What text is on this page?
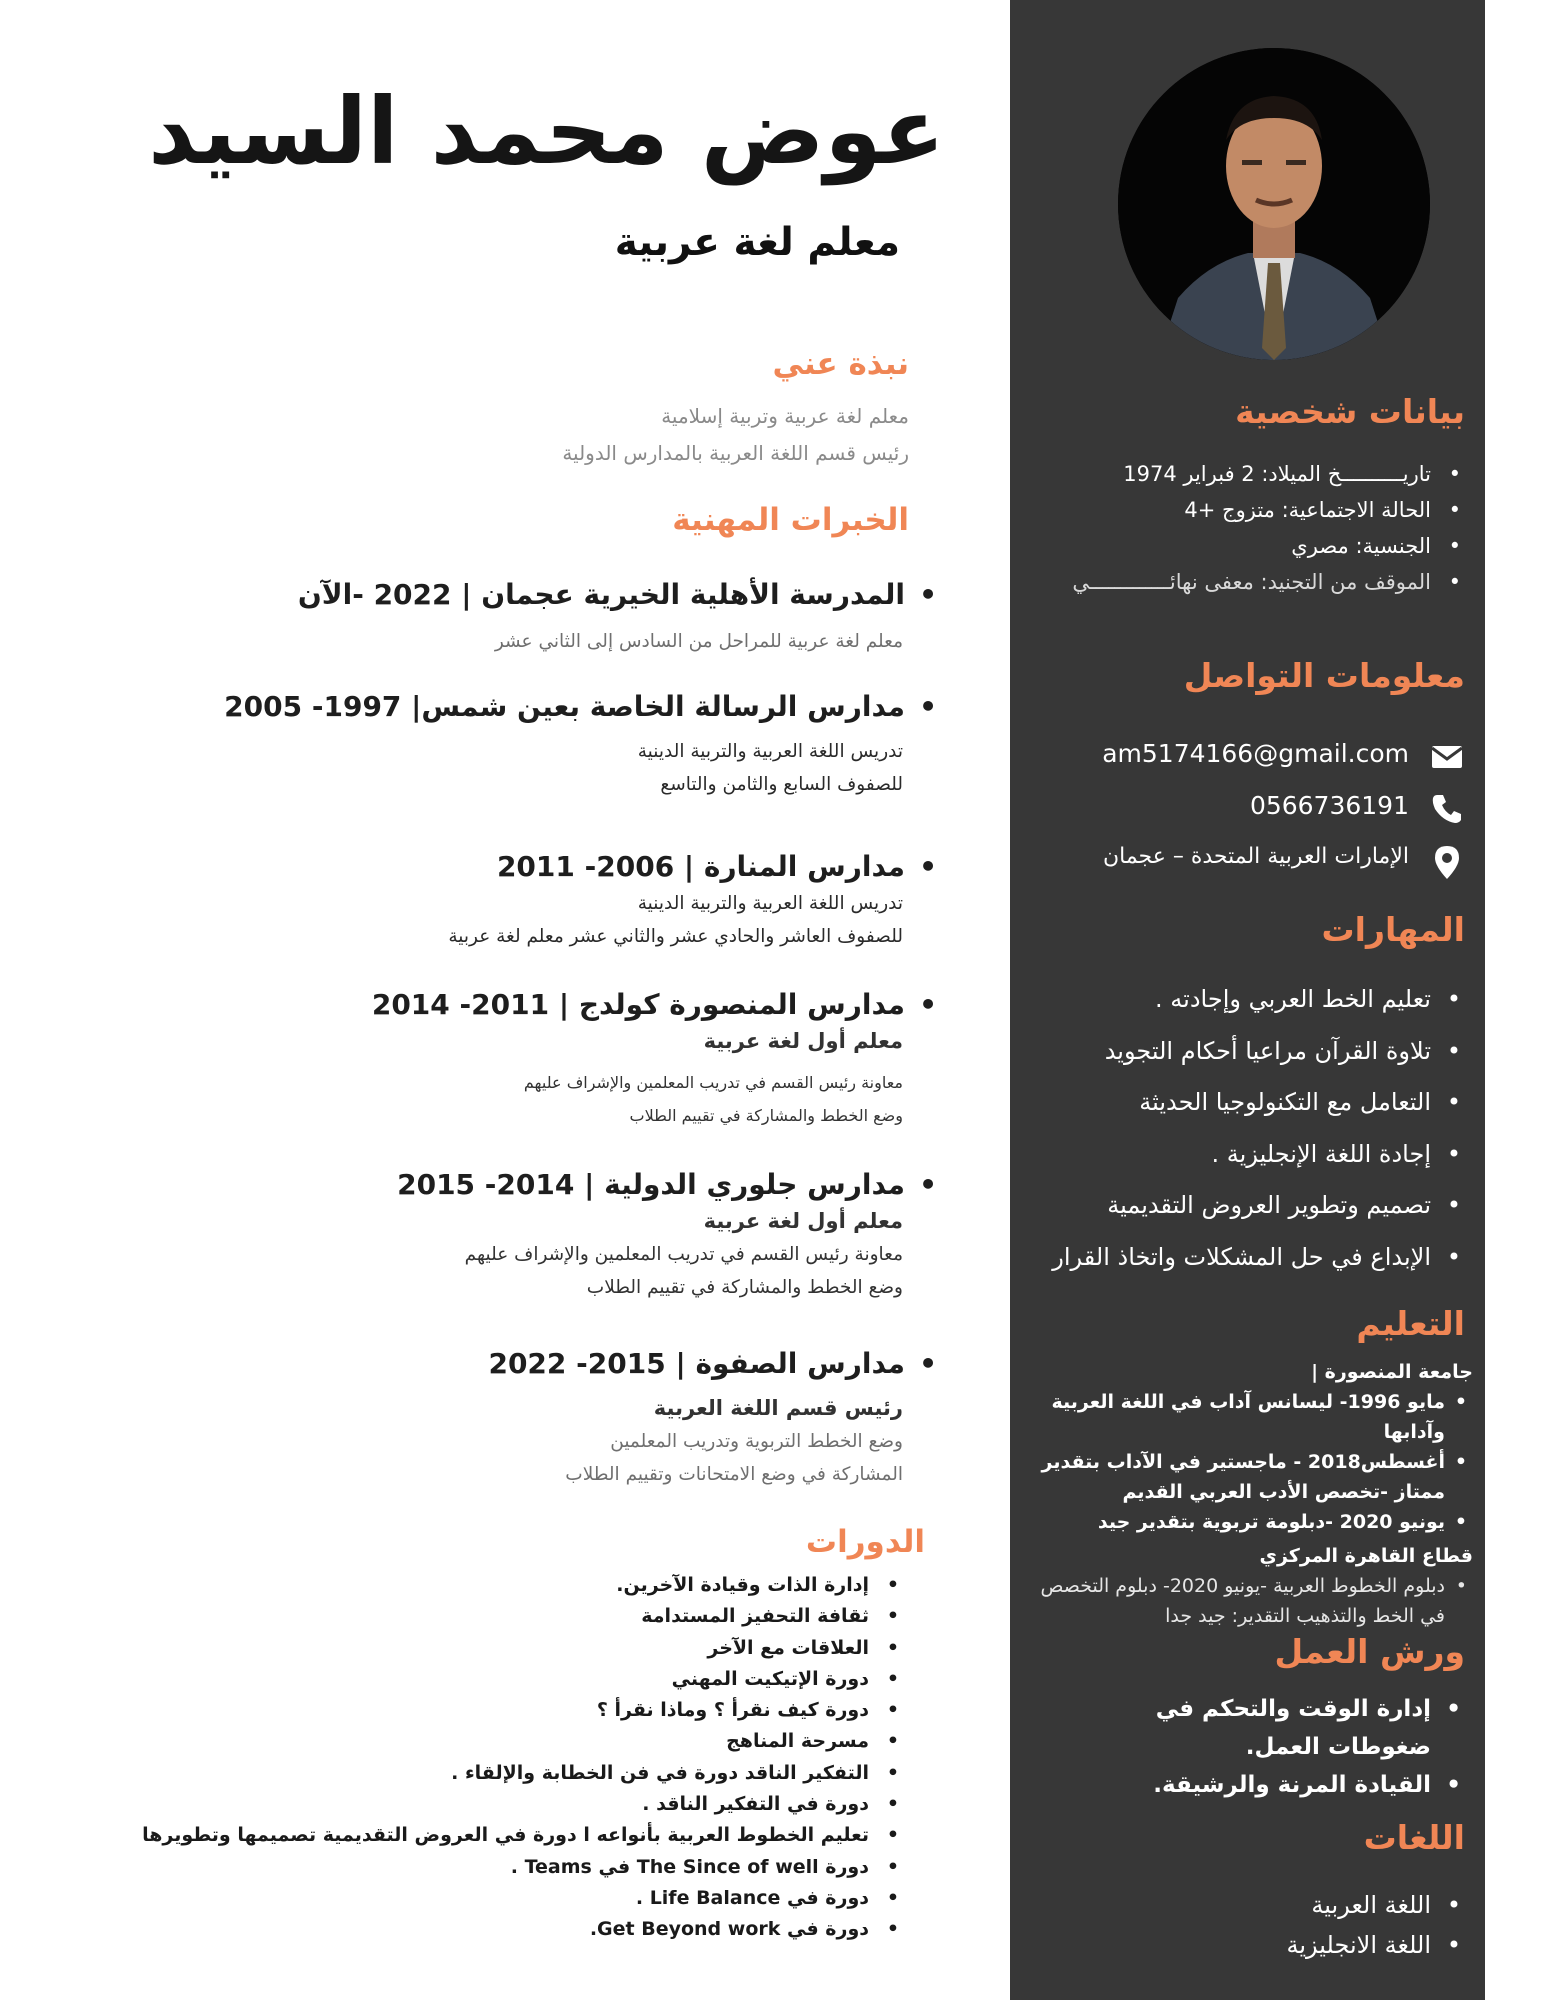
بيانات شخصية
• تاريــــــــــخ الميلاد: 2 فبراير 1974
• الحالة الاجتماعية: متزوج +4
• الجنسية: مصري
• الموقف من التجنيد: معفى نهائـــــــــــــي
معلومات التواصل
am5174166@gmail.com
0566736191
الإمارات العربية المتحدة – عجمان
المهارات
• تعليم الخط العربي وإجادته .
• تلاوة القرآن مراعيا أحكام التجويد
• التعامل مع التكنولوجيا الحديثة
• إجادة اللغة الإنجليزية .
• تصميم وتطوير العروض التقديمية
• الإبداع في حل المشكلات واتخاذ القرار
التعليم
جامعة المنصورة |
• مايو 1996- ليسانس آداب في اللغة العربية وآدابها
• أغسطس2018 - ماجستير في الآداب بتقدير ممتاز -تخصص الأدب العربي القديم
• يونيو 2020 -دبلومة تربوية بتقدير جيد
قطاع القاهرة المركزي
• دبلوم الخطوط العربية -يونيو 2020- دبلوم التخصص في الخط والتذهيب التقدير: جيد جدا
ورش العمل
• إدارة الوقت والتحكم في ضغوطات العمل.
• القيادة المرنة والرشيقة.
اللغات
• اللغة العربية
• اللغة الانجليزية
عوض محمد السيد
معلم لغة عربية
نبذة عني
معلم لغة عربية وتربية إسلامية
رئيس قسم اللغة العربية بالمدارس الدولية
الخبرات المهنية
• المدرسة الأهلية الخيرية عجمان | 2022 -الآن
معلم لغة عربية للمراحل من السادس إلى الثاني عشر
• مدارس الرسالة الخاصة بعين شمس| 1997- 2005
تدريس اللغة العربية والتربية الدينية
للصفوف السابع والثامن والتاسع
• مدارس المنارة | 2006- 2011
تدريس اللغة العربية والتربية الدينية
للصفوف العاشر والحادي عشر والثاني عشر معلم لغة عربية
• مدارس المنصورة كولدج | 2011- 2014
معلم أول لغة عربية
معاونة رئيس القسم في تدريب المعلمين والإشراف عليهم
وضع الخطط والمشاركة في تقييم الطلاب
• مدارس جلوري الدولية | 2014- 2015
معلم أول لغة عربية
معاونة رئيس القسم في تدريب المعلمين والإشراف عليهم
وضع الخطط والمشاركة في تقييم الطلاب
• مدارس الصفوة | 2015- 2022
رئيس قسم اللغة العربية
وضع الخطط التربوية وتدريب المعلمين
المشاركة في وضع الامتحانات وتقييم الطلاب
الدورات
• إدارة الذات وقيادة الآخرين.
• ثقافة التحفيز المستدامة
• العلاقات مع الآخر
• دورة الإتيكيت المهني
• دورة كيف نقرأ ؟ وماذا نقرأ ؟
• مسرحة المناهج
• التفكير الناقد دورة في فن الخطابة والإلقاء .
• دورة في التفكير الناقد .
• تعليم الخطوط العربية بأنواعه ا دورة في العروض التقديمية تصميمها وتطويرها
• دورة The Since of well في Teams .
• دورة في Life Balance .
• دورة في Get Beyond work.
